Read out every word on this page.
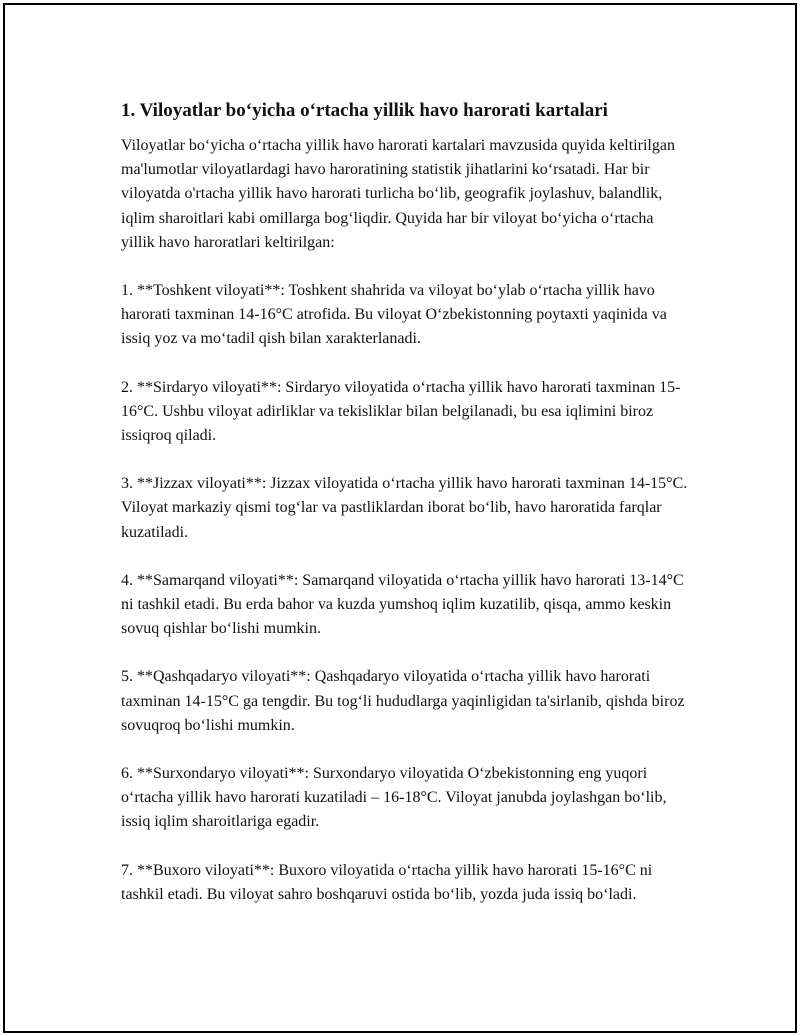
1. Viloyatlar bo‘yicha o‘rtacha yillik havo harorati kartalari

Viloyatlar bo‘yicha o‘rtacha yillik havo harorati kartalari mavzusida quyida keltirilgan ma'lumotlar viloyatlardagi havo haroratining statistik jihatlarini ko‘rsatadi. Har bir viloyatda o'rtacha yillik havo harorati turlicha bo‘lib, geografik joylashuv, balandlik, iqlim sharoitlari kabi omillarga bog‘liqdir. Quyida har bir viloyat bo‘yicha o‘rtacha yillik havo haroratlari keltirilgan:

1. **Toshkent viloyati**: Toshkent shahrida va viloyat bo‘ylab o‘rtacha yillik havo harorati taxminan 14-16°C atrofida. Bu viloyat O‘zbekistonning poytaxti yaqinida va issiq yoz va mo‘tadil qish bilan xarakterlanadi.

2. **Sirdaryo viloyati**: Sirdaryo viloyatida o‘rtacha yillik havo harorati taxminan 15-16°C. Ushbu viloyat adirliklar va tekisliklar bilan belgilanadi, bu esa iqlimini biroz issiqroq qiladi.

3. **Jizzax viloyati**: Jizzax viloyatida o‘rtacha yillik havo harorati taxminan 14-15°C. Viloyat markaziy qismi tog‘lar va pastliklardan iborat bo‘lib, havo haroratida farqlar kuzatiladi.

4. **Samarqand viloyati**: Samarqand viloyatida o‘rtacha yillik havo harorati 13-14°C ni tashkil etadi. Bu erda bahor va kuzda yumshoq iqlim kuzatilib, qisqa, ammo keskin sovuq qishlar bo‘lishi mumkin.

5. **Qashqadaryo viloyati**: Qashqadaryo viloyatida o‘rtacha yillik havo harorati taxminan 14-15°C ga tengdir. Bu tog‘li hududlarga yaqinligidan ta'sirlanib, qishda biroz sovuqroq bo‘lishi mumkin.

6. **Surxondaryo viloyati**: Surxondaryo viloyatida O‘zbekistonning eng yuqori o‘rtacha yillik havo harorati kuzatiladi – 16-18°C. Viloyat janubda joylashgan bo‘lib, issiq iqlim sharoitlariga egadir.

7. **Buxoro viloyati**: Buxoro viloyatida o‘rtacha yillik havo harorati 15-16°C ni tashkil etadi. Bu viloyat sahro boshqaruvi ostida bo‘lib, yozda juda issiq bo‘ladi.
